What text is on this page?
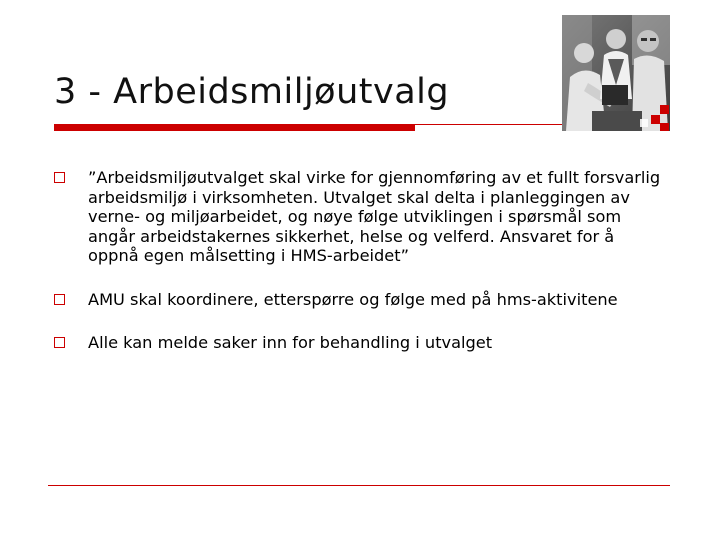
3 - Arbeidsmiljøutvalg
”Arbeidsmiljøutvalget skal virke for gjennomføring av et fullt forsvarlig arbeidsmiljø i virksomheten. Utvalget skal delta i planleggingen av verne- og miljøarbeidet, og nøye følge utviklingen i spørsmål som angår arbeidstakernes sikkerhet, helse og velferd. Ansvaret for å oppnå egen målsetting i HMS-arbeidet”
AMU skal koordinere, etterspørre og følge med på hms-aktivitene
Alle kan melde saker inn for behandling i utvalget
